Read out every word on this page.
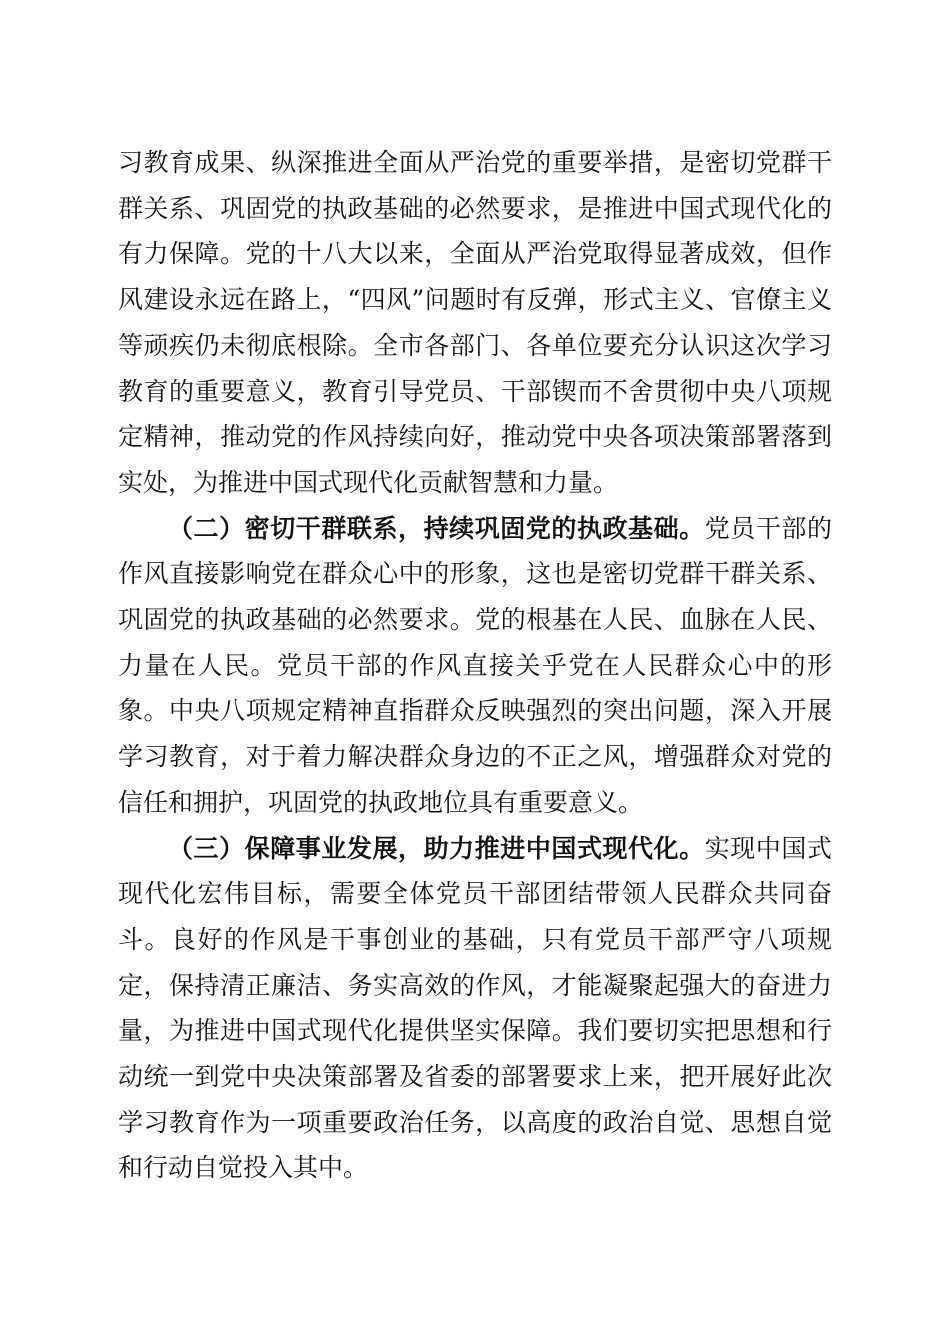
习教育成果、纵深推进全面从严治党的重要举措，是密切党群干群关系、巩固党的执政基础的必然要求，是推进中国式现代化的有力保障。党的十八大以来，全面从严治党取得显著成效，但作风建设永远在路上，“四风”问题时有反弹，形式主义、官僚主义等顽疾仍未彻底根除。全市各部门、各单位要充分认识这次学习教育的重要意义，教育引导党员、干部锲而不舍贯彻中央八项规定精神，推动党的作风持续向好，推动党中央各项决策部署落到实处，为推进中国式现代化贡献智慧和力量。

（二）密切干群联系，持续巩固党的执政基础。党员干部的作风直接影响党在群众心中的形象，这也是密切党群干群关系、巩固党的执政基础的必然要求。党的根基在人民、血脉在人民、力量在人民。党员干部的作风直接关乎党在人民群众心中的形象。中央八项规定精神直指群众反映强烈的突出问题，深入开展学习教育，对于着力解决群众身边的不正之风，增强群众对党的信任和拥护，巩固党的执政地位具有重要意义。

（三）保障事业发展，助力推进中国式现代化。实现中国式现代化宏伟目标，需要全体党员干部团结带领人民群众共同奋斗。良好的作风是干事创业的基础，只有党员干部严守八项规定，保持清正廉洁、务实高效的作风，才能凝聚起强大的奋进力量，为推进中国式现代化提供坚实保障。我们要切实把思想和行动统一到党中央决策部署及省委的部署要求上来，把开展好此次学习教育作为一项重要政治任务，以高度的政治自觉、思想自觉和行动自觉投入其中。
